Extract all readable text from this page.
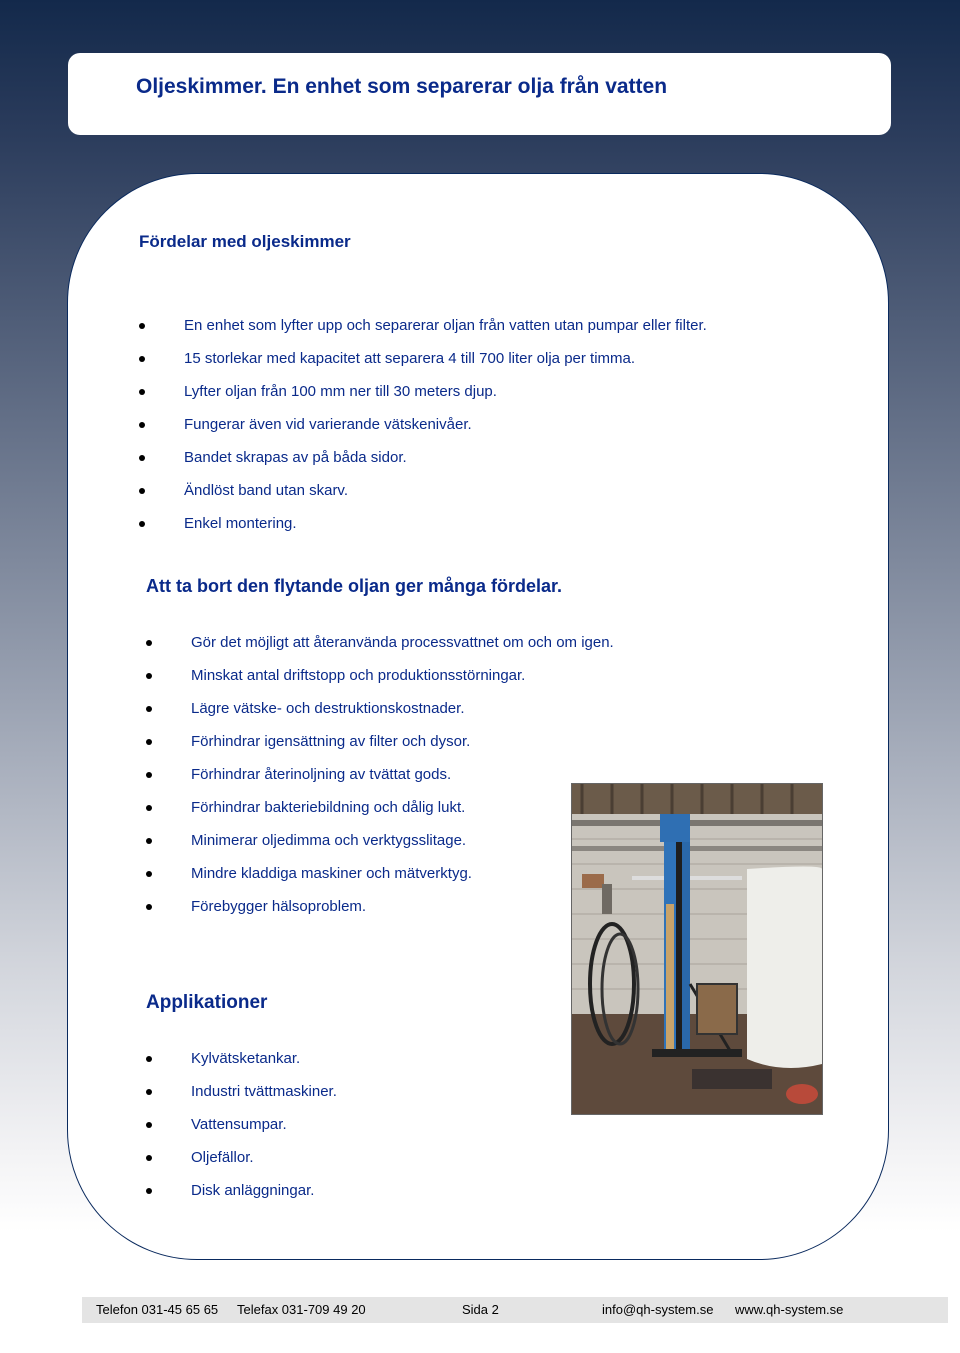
Oljeskimmer. En enhet som separerar olja från vatten
Fördelar med oljeskimmer
En enhet som lyfter upp och separerar oljan från vatten utan pumpar eller filter.
15 storlekar med kapacitet att separera 4 till 700 liter olja per timma.
Lyfter oljan från 100 mm ner till 30 meters djup.
Fungerar även vid varierande vätskenivåer.
Bandet skrapas av på båda sidor.
Ändlöst band utan skarv.
Enkel montering.
Att ta bort den flytande oljan ger många fördelar.
Gör det möjligt att återanvända processvattnet om och om igen.
Minskat antal driftstopp och produktionsstörningar.
Lägre vätske- och destruktionskostnader.
Förhindrar igensättning av filter och dysor.
Förhindrar återinoljning av tvättat gods.
Förhindrar bakteriebildning och dålig lukt.
Minimerar oljedimma och verktygsslitage.
Mindre kladdiga maskiner och mätverktyg.
Förebygger hälsoproblem.
Applikationer
Kylvätsketankar.
Industri tvättmaskiner.
Vattensumpar.
Oljefällor.
Disk anläggningar.
Telefon 031-45 65 65 Telefax 031-709 49 20	Sida 2	info@qh-system.se www.qh-system.se
